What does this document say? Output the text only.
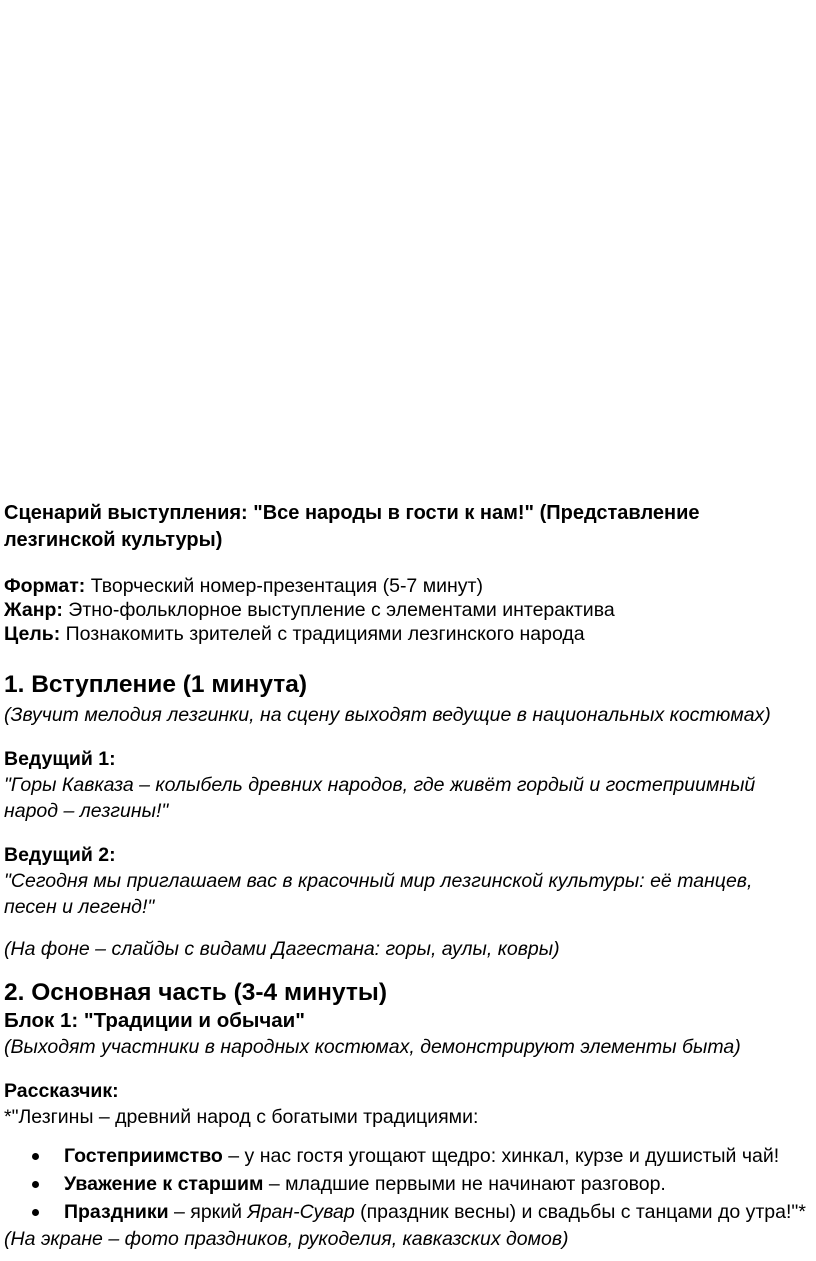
Сценарий выступления: "Все народы в гости к нам!" (Представление лезгинской культуры)

Формат: Творческий номер-презентация (5-7 минут)
Жанр: Этно-фольклорное выступление с элементами интерактива
Цель: Познакомить зрителей с традициями лезгинского народа
1. Вступление (1 минута)

(Звучит мелодия лезгинки, на сцену выходят ведущие в национальных костюмах)

Ведущий 1:

"Горы Кавказа – колыбель древних народов, где живёт гордый и гостеприимный народ – лезгины!"

Ведущий 2:

"Сегодня мы приглашаем вас в красочный мир лезгинской культуры: её танцев, песен и легенд!"

(На фоне – слайды с видами Дагестана: горы, аулы, ковры)

2. Основная часть (3-4 минуты)
Блок 1: "Традиции и обычаи"

(Выходят участники в народных костюмах, демонстрируют элементы быта)

Рассказчик:

*"Лезгины – древний народ с богатыми традициями:

Гостеприимство – у нас гостя угощают щедро: хинкал, курзе и душистый чай!
Уважение к старшим – младшие первыми не начинают разговор.
Праздники – яркий Яран-Сувар (праздник весны) и свадьбы с танцами до утра!"*

(На экране – фото праздников, рукоделия, кавказских домов)
